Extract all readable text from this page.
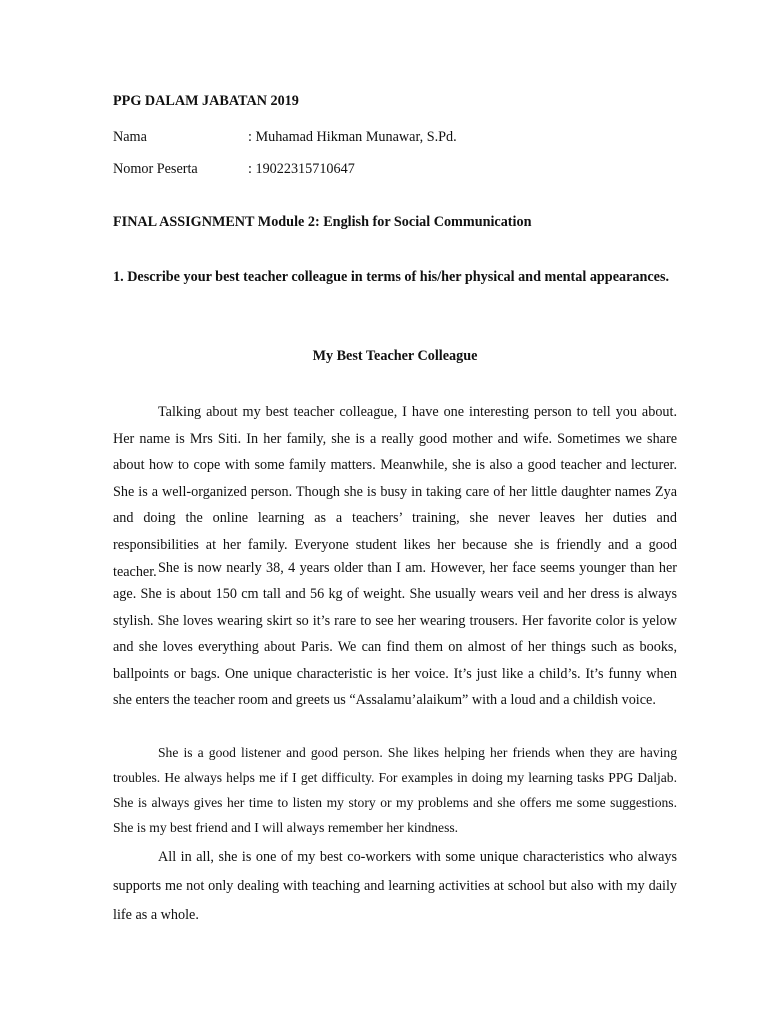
PPG DALAM JABATAN 2019
Nama	: Muhamad Hikman Munawar, S.Pd.
Nomor Peserta	: 19022315710647
FINAL ASSIGNMENT Module 2: English for Social Communication
1. Describe your best teacher colleague in terms of his/her physical and mental appearances.
My Best Teacher Colleague

Talking about my best teacher colleague, I have one interesting person to tell you about. Her name is Mrs Siti. In her family, she is a really good mother and wife. Sometimes we share about how to cope with some family matters. Meanwhile, she is also a good teacher and lecturer. She is a well-organized person. Though she is busy in taking care of her little daughter names Zya and doing the online learning as a teachers’ training, she never leaves her duties and responsibilities at her family. Everyone student likes her because she is friendly and a good teacher. She is now nearly 38, 4 years older than I am. However, her face seems younger than her age. She is about 150 cm tall and 56 kg of weight. She usually wears veil and her dress is always stylish. She loves wearing skirt so it’s rare to see her wearing trousers. Her favorite color is yelow and she loves everything about Paris. We can find them on almost of her things such as books, ballpoints or bags. One unique characteristic is her voice. It’s just like a child’s. It’s funny when she enters the teacher room and greets us “Assalamu’alaikum” with a loud and a childish voice.

She is a good listener and good person. She likes helping her friends when they are having troubles. He always helps me if I get difficulty. For examples in doing my learning tasks PPG Daljab. She is always gives her time to listen my story or my problems and she offers me some suggestions. She is my best friend and I will always remember her kindness.

All in all, she is one of my best co-workers with some unique characteristics who always supports me not only dealing with teaching and learning activities at school but also with my daily life as a whole.
